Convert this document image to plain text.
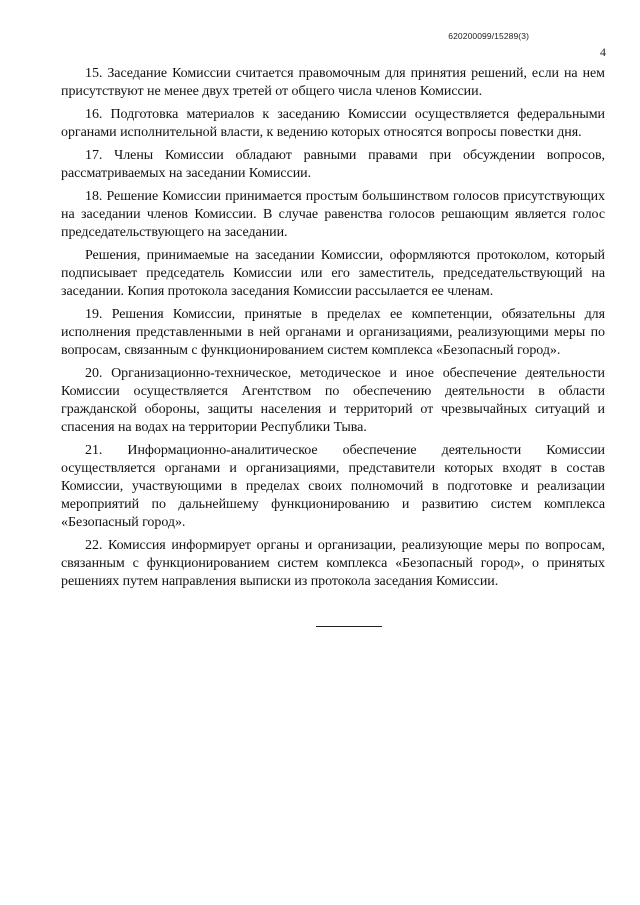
620200099/15289(3)
4

15. Заседание Комиссии считается правомочным для принятия решений, если на нем присутствуют не менее двух третей от общего числа членов Комиссии.

16. Подготовка материалов к заседанию Комиссии осуществляется федеральными органами исполнительной власти, к ведению которых относятся вопросы повестки дня.

17. Члены Комиссии обладают равными правами при обсуждении вопросов, рассматриваемых на заседании Комиссии.

18. Решение Комиссии принимается простым большинством голосов присутствующих на заседании членов Комиссии. В случае равенства голосов решающим является голос председательствующего на заседании.

Решения, принимаемые на заседании Комиссии, оформляются протоколом, который подписывает председатель Комиссии или его заместитель, председательствующий на заседании. Копия протокола заседания Комиссии рассылается ее членам.

19. Решения Комиссии, принятые в пределах ее компетенции, обязательны для исполнения представленными в ней органами и организациями, реализующими меры по вопросам, связанным с функционированием систем комплекса «Безопасный город».

20. Организационно-техническое, методическое и иное обеспечение деятельности Комиссии осуществляется Агентством по обеспечению деятельности в области гражданской обороны, защиты населения и территорий от чрезвычайных ситуаций и спасения на водах на территории Республики Тыва.

21. Информационно-аналитическое обеспечение деятельности Комиссии осуществляется органами и организациями, представители которых входят в состав Комиссии, участвующими в пределах своих полномочий в подготовке и реализации мероприятий по дальнейшему функционированию и развитию систем комплекса «Безопасный город».

22. Комиссия информирует органы и организации, реализующие меры по вопросам, связанным с функционированием систем комплекса «Безопасный город», о принятых решениях путем направления выписки из протокола заседания Комиссии.
